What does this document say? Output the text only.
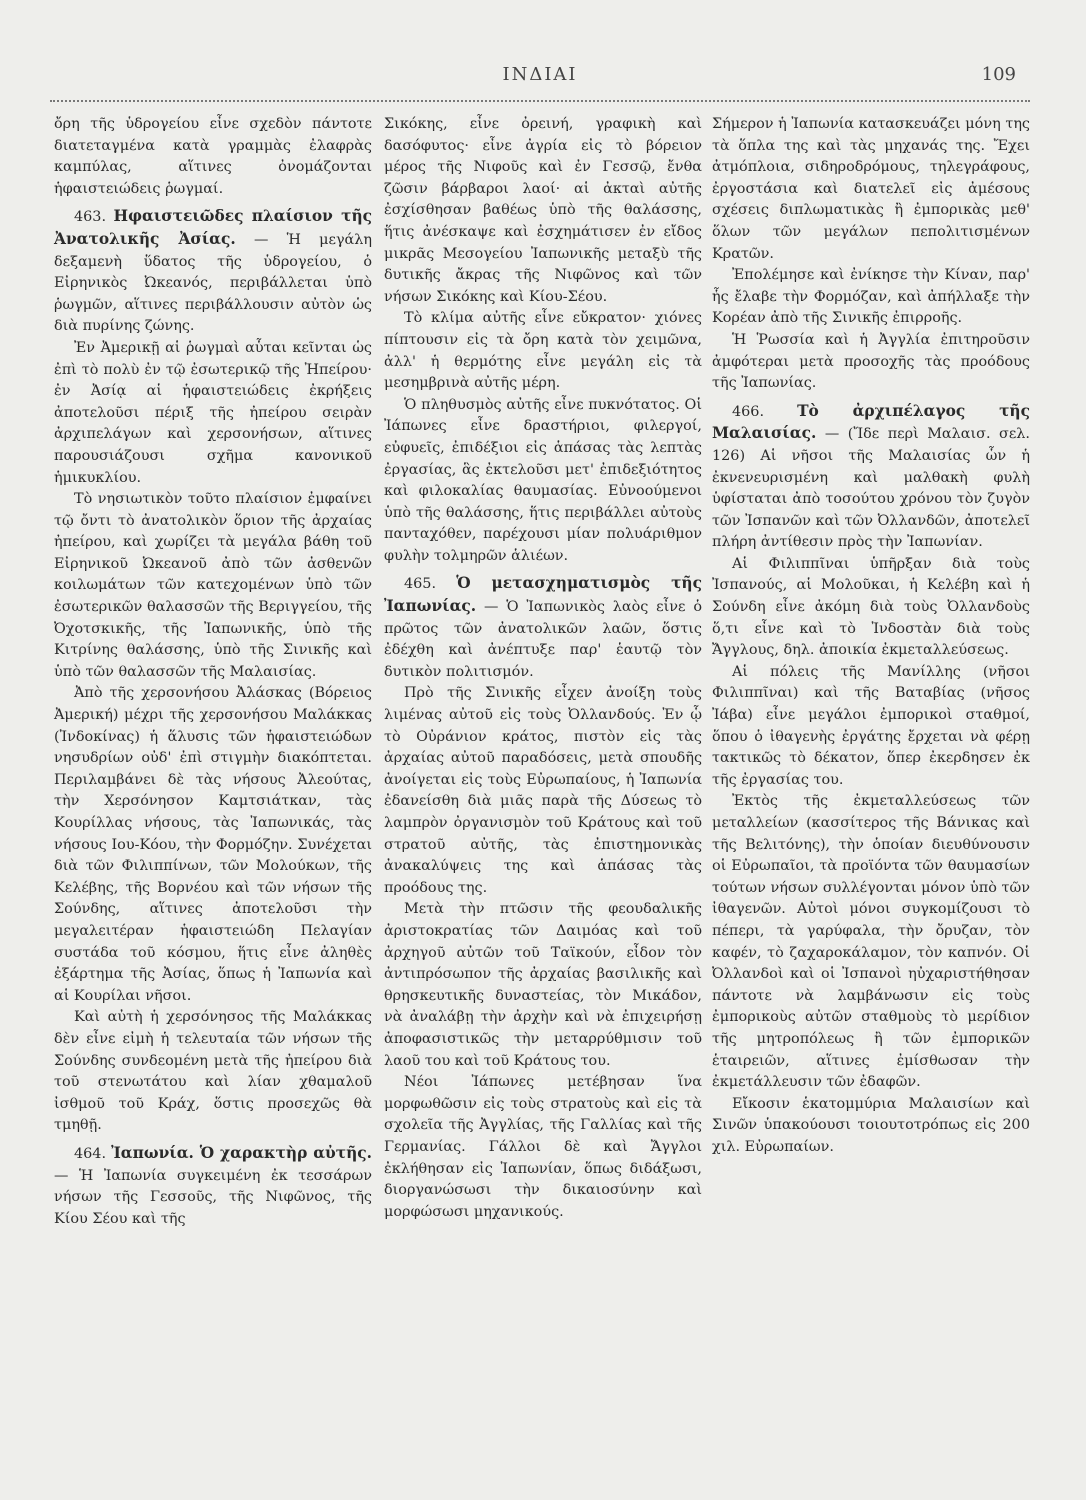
ΙΝΔΙΑΙ	109

ὄρη τῆς ὑδρογείου εἶνε σχεδὸν πάντοτε διατεταγμένα κατὰ γραμμὰς ἐλαφρὰς καμπύλας, αἵτινες ὀνομάζονται ἡφαιστειώδεις ῥωγμαί.

463. Ηφαιστειῶδες πλαίσιον τῆς Ἀνατολικῆς Ἀσίας. — Ἡ μεγάλη δεξαμενὴ ὕδατος τῆς ὑδρογείου, ὁ Εἰρηνικὸς Ὠκεανός, περιβάλλεται ὑπὸ ῥωγμῶν, αἵτινες περιβάλλουσιν αὐτὸν ὡς διὰ πυρίνης ζώνης.

Ἐν Ἀμερικῇ αἱ ῥωγμαὶ αὗται κεῖνται ὡς ἐπὶ τὸ πολὺ ἐν τῷ ἐσωτερικῷ τῆς Ἠπείρου· ἐν Ἀσίᾳ αἱ ἡφαιστειώδεις ἐκρήξεις ἀποτελοῦσι πέριξ τῆς ἠπείρου σειρὰν ἀρχιπελάγων καὶ χερσονήσων, αἵτινες παρουσιάζουσι σχῆμα κανονικοῦ ἡμικυκλίου.

Τὸ νησιωτικὸν τοῦτο πλαίσιον ἐμφαίνει τῷ ὄντι τὸ ἀνατολικὸν ὅριον τῆς ἀρχαίας ἠπείρου, καὶ χωρίζει τὰ μεγάλα βάθη τοῦ Εἰρηνικοῦ Ὠκεανοῦ ἀπὸ τῶν ἀσθενῶν κοιλωμάτων τῶν κατεχομένων ὑπὸ τῶν ἐσωτερικῶν θαλασσῶν τῆς Βεριγγείου, τῆς Ὀχοτσκικῆς, τῆς Ἰαπωνικῆς, ὑπὸ τῆς Κιτρίνης θαλάσσης, ὑπὸ τῆς Σινικῆς καὶ ὑπὸ τῶν θαλασσῶν τῆς Μαλαισίας.

Ἀπὸ τῆς χερσονήσου Ἀλάσκας (Βόρειος Ἀμερική) μέχρι τῆς χερσονήσου Μαλάκκας (Ἰνδοκίνας) ἡ ἅλυσις τῶν ἡφαιστειώδων νησυδρίων οὐδ' ἐπὶ στιγμὴν διακόπτεται. Περιλαμβάνει δὲ τὰς νήσους Ἀλεούτας, τὴν Χερσόνησον Καμτσιάτκαν, τὰς Κουρίλλας νήσους, τὰς Ἰαπωνικάς, τὰς νήσους Ιου-Κόου, τὴν Φορμόζην. Συνέχεται διὰ τῶν Φιλιππίνων, τῶν Μολούκων, τῆς Κελέβης, τῆς Βορνέου καὶ τῶν νήσων τῆς Σούνδης, αἵτινες ἀποτελοῦσι τὴν μεγαλειτέραν ἡφαιστειώδη Πελαγίαν συστάδα τοῦ κόσμου, ἥτις εἶνε ἀληθὲς ἐξάρτημα τῆς Ἀσίας, ὅπως ἡ Ἰαπωνία καὶ αἱ Κουρίλαι νῆσοι.

Καὶ αὐτὴ ἡ χερσόνησος τῆς Μαλάκκας δὲν εἶνε εἰμὴ ἡ τελευταία τῶν νήσων τῆς Σούνδης συνδεομένη μετὰ τῆς ἠπείρου διὰ τοῦ στενωτάτου καὶ λίαν χθαμαλοῦ ἰσθμοῦ τοῦ Κράχ, ὅστις προσεχῶς θὰ τμηθῇ.

464. Ἰαπωνία. Ὁ χαρακτὴρ αὐτῆς. — Ἡ Ἰαπωνία συγκειμένη ἐκ τεσσάρων νήσων τῆς Γεσσοῦς, τῆς Νιφῶνος, τῆς Κίου Σέου καὶ τῆς

Σικόκης, εἶνε ὀρεινή, γραφικὴ καὶ δασόφυτος· εἶνε ἀγρία εἰς τὸ βόρειον μέρος τῆς Νιφοῦς καὶ ἐν Γεσσῷ, ἔνθα ζῶσιν βάρβαροι λαοί· αἱ ἀκταὶ αὐτῆς ἐσχίσθησαν βαθέως ὑπὸ τῆς θαλάσσης, ἥτις ἀνέσκαψε καὶ ἐσχημάτισεν ἐν εἴδος μικρᾶς Μεσογείου Ἰαπωνικῆς μεταξὺ τῆς δυτικῆς ἄκρας τῆς Νιφῶνος καὶ τῶν νήσων Σικόκης καὶ Κίου-Σέου.

Τὸ κλίμα αὐτῆς εἶνε εὔκρατον· χιόνες πίπτουσιν εἰς τὰ ὄρη κατὰ τὸν χειμῶνα, ἀλλ' ἡ θερμότης εἶνε μεγάλη εἰς τὰ μεσημβρινὰ αὐτῆς μέρη.

Ὁ πληθυσμὸς αὐτῆς εἶνε πυκνότατος. Οἱ Ἰάπωνες εἶνε δραστήριοι, φιλεργοί, εὐφυεῖς, ἐπιδέξιοι εἰς ἁπάσας τὰς λεπτὰς ἐργασίας, ἃς ἐκτελοῦσι μετ' ἐπιδεξιότητος καὶ φιλοκαλίας θαυμασίας. Εὐνοούμενοι ὑπὸ τῆς θαλάσσης, ἥτις περιβάλλει αὐτοὺς πανταχόθεν, παρέχουσι μίαν πολυάριθμον φυλὴν τολμηρῶν ἁλιέων.

465. Ὁ μετασχηματισμὸς τῆς Ἰαπωνίας. — Ὁ Ἰαπωνικὸς λαὸς εἶνε ὁ πρῶτος τῶν ἀνατολικῶν λαῶν, ὅστις ἐδέχθη καὶ ἀνέπτυξε παρ' ἑαυτῷ τὸν δυτικὸν πολιτισμόν.

Πρὸ τῆς Σινικῆς εἶχεν ἀνοίξη τοὺς λιμένας αὐτοῦ εἰς τοὺς Ὀλλανδούς. Ἐν ᾧ τὸ Οὐράνιον κράτος, πιστὸν εἰς τὰς ἀρχαίας αὐτοῦ παραδόσεις, μετὰ σπουδῆς ἀνοίγεται εἰς τοὺς Εὐρωπαίους, ἡ Ἰαπωνία ἐδανείσθη διὰ μιᾶς παρὰ τῆς Δύσεως τὸ λαμπρὸν ὀργανισμὸν τοῦ Κράτους καὶ τοῦ στρατοῦ αὐτῆς, τὰς ἐπιστημονικὰς ἀνακαλύψεις της καὶ ἁπάσας τὰς προόδους της.

Μετὰ τὴν πτῶσιν τῆς φεουδαλικῆς ἀριστοκρατίας τῶν Δαιμόας καὶ τοῦ ἀρχηγοῦ αὐτῶν τοῦ Ταϊκούν, εἶδον τὸν ἀντιπρόσωπον τῆς ἀρχαίας βασιλικῆς καὶ θρησκευτικῆς δυναστείας, τὸν Μικάδον, νὰ ἀναλάβῃ τὴν ἀρχὴν καὶ νὰ ἐπιχειρήσῃ ἀποφασιστικῶς τὴν μεταρρύθμισιν τοῦ λαοῦ του καὶ τοῦ Κράτους του.

Νέοι Ἰάπωνες μετέβησαν ἵνα μορφωθῶσιν εἰς τοὺς στρατοὺς καὶ εἰς τὰ σχολεῖα τῆς Ἀγγλίας, τῆς Γαλλίας καὶ τῆς Γερμανίας. Γάλλοι δὲ καὶ Ἄγγλοι ἐκλήθησαν εἰς Ἰαπωνίαν, ὅπως διδάξωσι, διοργανώσωσι τὴν δικαιοσύνην καὶ μορφώσωσι μηχανικούς.

Σήμερον ἡ Ἰαπωνία κατασκευάζει μόνη της τὰ ὅπλα της καὶ τὰς μηχανάς της. Ἔχει ἀτμόπλοια, σιδηροδρόμους, τηλεγράφους, ἐργοστάσια καὶ διατελεῖ εἰς ἀμέσους σχέσεις διπλωματικὰς ἢ ἐμπορικὰς μεθ' ὅλων τῶν μεγάλων πεπολιτισμένων Κρατῶν.

Ἐπολέμησε καὶ ἐνίκησε τὴν Κίναν, παρ' ἧς ἔλαβε τὴν Φορμόζαν, καὶ ἀπήλλαξε τὴν Κορέαν ἀπὸ τῆς Σινικῆς ἐπιρροῆς.

Ἡ Ῥωσσία καὶ ἡ Ἀγγλία ἐπιτηροῦσιν ἀμφότεραι μετὰ προσοχῆς τὰς προόδους τῆς Ἰαπωνίας.

466. Τὸ ἀρχιπέλαγος τῆς Μαλαισίας. — (Ἴδε περὶ Μαλαισ. σελ. 126) Αἱ νῆσοι τῆς Μαλαισίας ὧν ἡ ἐκνενευρισμένη καὶ μαλθακὴ φυλὴ ὑφίσταται ἀπὸ τοσούτου χρόνου τὸν ζυγὸν τῶν Ἰσπανῶν καὶ τῶν Ὀλλανδῶν, ἀποτελεῖ πλήρη ἀντίθεσιν πρὸς τὴν Ἰαπωνίαν.

Αἱ Φιλιππῖναι ὑπῆρξαν διὰ τοὺς Ἰσπανούς, αἱ Μολοῦκαι, ἡ Κελέβη καὶ ἡ Σούνδη εἶνε ἀκόμη διὰ τοὺς Ὀλλανδοὺς ὅ,τι εἶνε καὶ τὸ Ἰνδοστὰν διὰ τοὺς Ἄγγλους, δηλ. ἀποικία ἐκμεταλλεύσεως.

Αἱ πόλεις τῆς Μανίλλης (νῆσοι Φιλιππῖναι) καὶ τῆς Βαταβίας (νῆσος Ἰάβα) εἶνε μεγάλοι ἐμπορικοὶ σταθμοί, ὅπου ὁ ἰθαγενὴς ἐργάτης ἔρχεται νὰ φέρῃ τακτικῶς τὸ δέκατον, ὅπερ ἐκερδησεν ἐκ τῆς ἐργασίας του.

Ἐκτὸς τῆς ἐκμεταλλεύσεως τῶν μεταλλείων (κασσίτερος τῆς Βάνικας καὶ τῆς Βελιτόνης), τὴν ὁποίαν διευθύνουσιν οἱ Εὐρωπαῖοι, τὰ προϊόντα τῶν θαυμασίων τούτων νήσων συλλέγονται μόνον ὑπὸ τῶν ἰθαγενῶν. Αὐτοὶ μόνοι συγκομίζουσι τὸ πέπερι, τὰ γαρύφαλα, τὴν ὄρυζαν, τὸν καφέν, τὸ ζαχαροκάλαμον, τὸν καπνόν. Οἱ Ὀλλανδοὶ καὶ οἱ Ἰσπανοὶ ηὐχαριστήθησαν πάντοτε νὰ λαμβάνωσιν εἰς τοὺς ἐμπορικοὺς αὐτῶν σταθμοὺς τὸ μερίδιον τῆς μητροπόλεως ἢ τῶν ἐμπορικῶν ἑταιρειῶν, αἵτινες ἐμίσθωσαν τὴν ἐκμετάλλευσιν τῶν ἐδαφῶν.

Εἴκοσιν ἑκατομμύρια Μαλαισίων καὶ Σινῶν ὑπακούουσι τοιουτοτρόπως εἰς 200 χιλ. Εὐρωπαίων.
